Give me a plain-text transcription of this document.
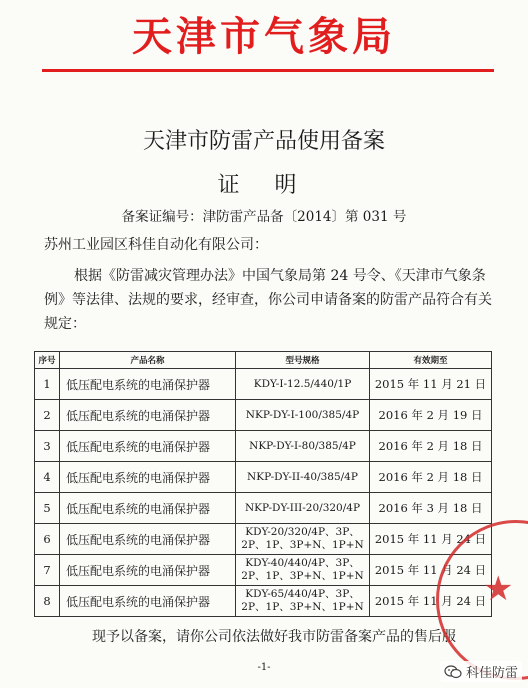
天津市气象局
天津市防雷产品使用备案
证 明
备案证编号：津防雷产品备〔2014〕第 031 号
苏州工业园区科佳自动化有限公司：
根据《防雷减灾管理办法》中国气象局第 24 号令、《天津市气象条例》等法律、法规的要求，经审查，你公司申请备案的防雷产品符合有关规定：
序号	产品名称	型号规格	有效期至
1	低压配电系统的电涌保护器	KDY-I-12.5/440/1P	2015 年 11 月 21 日
2	低压配电系统的电涌保护器	NKP-DY-I-100/385/4P	2016 年 2 月 19 日
3	低压配电系统的电涌保护器	NKP-DY-I-80/385/4P	2016 年 2 月 18 日
4	低压配电系统的电涌保护器	NKP-DY-II-40/385/4P	2016 年 2 月 18 日
5	低压配电系统的电涌保护器	NKP-DY-III-20/320/4P	2016 年 3 月 18 日
6	低压配电系统的电涌保护器	KDY-20/320/4P、3P、2P、1P、3P+N、1P+N	2015 年 11 月 24 日
7	低压配电系统的电涌保护器	KDY-40/440/4P、3P、2P、1P、3P+N、1P+N	2015 年 11 月 24 日
8	低压配电系统的电涌保护器	KDY-65/440/4P、3P、2P、1P、3P+N、1P+N	2015 年 11 月 24 日
现予以备案，请你公司依法做好我市防雷备案产品的售后服
-1-
★
科佳防雷
